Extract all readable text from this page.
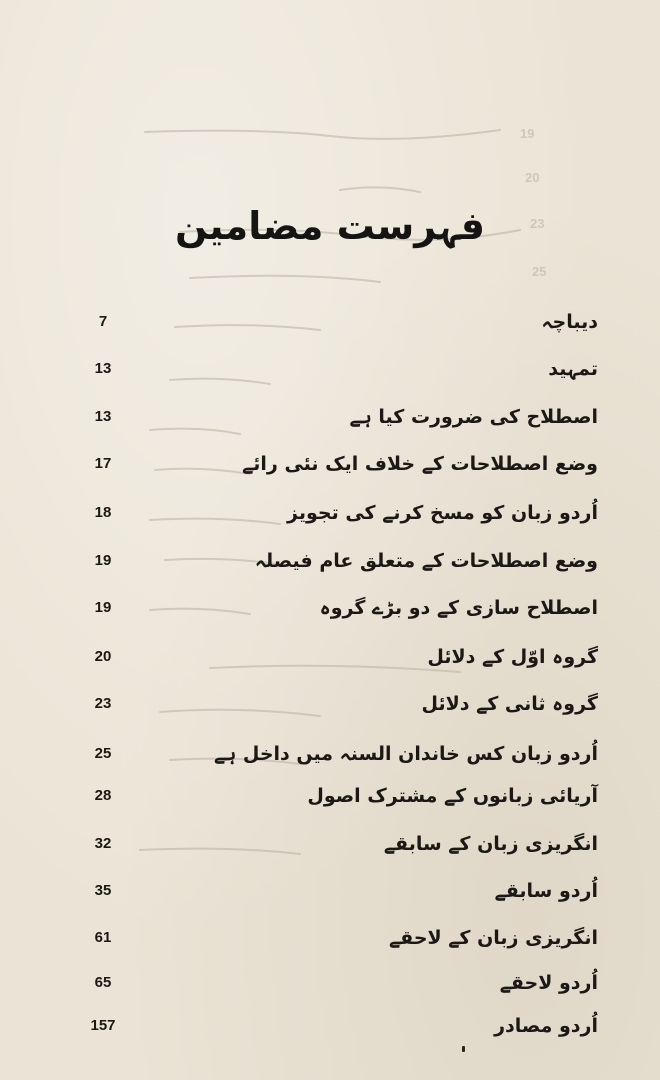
19
20
23
25
فہرست مضامین
دیباچہ
7
تمہید
13
اصطلاح کی ضرورت کیا ہے
13
وضع اصطلاحات کے خلاف ایک نئی رائے
17
اُردو زبان کو مسخ کرنے کی تجویز
18
وضع اصطلاحات کے متعلق عام فیصلہ
19
اصطلاح سازی کے دو بڑے گروہ
19
گروہ اوّل کے دلائل
20
گروہ ثانی کے دلائل
23
اُردو زبان کس خاندان السنہ میں داخل ہے
25
آریائی زبانوں کے مشترک اصول
28
انگریزی زبان کے سابقے
32
اُردو سابقے
35
انگریزی زبان کے لاحقے
61
اُردو لاحقے
65
اُردو مصادر
157
